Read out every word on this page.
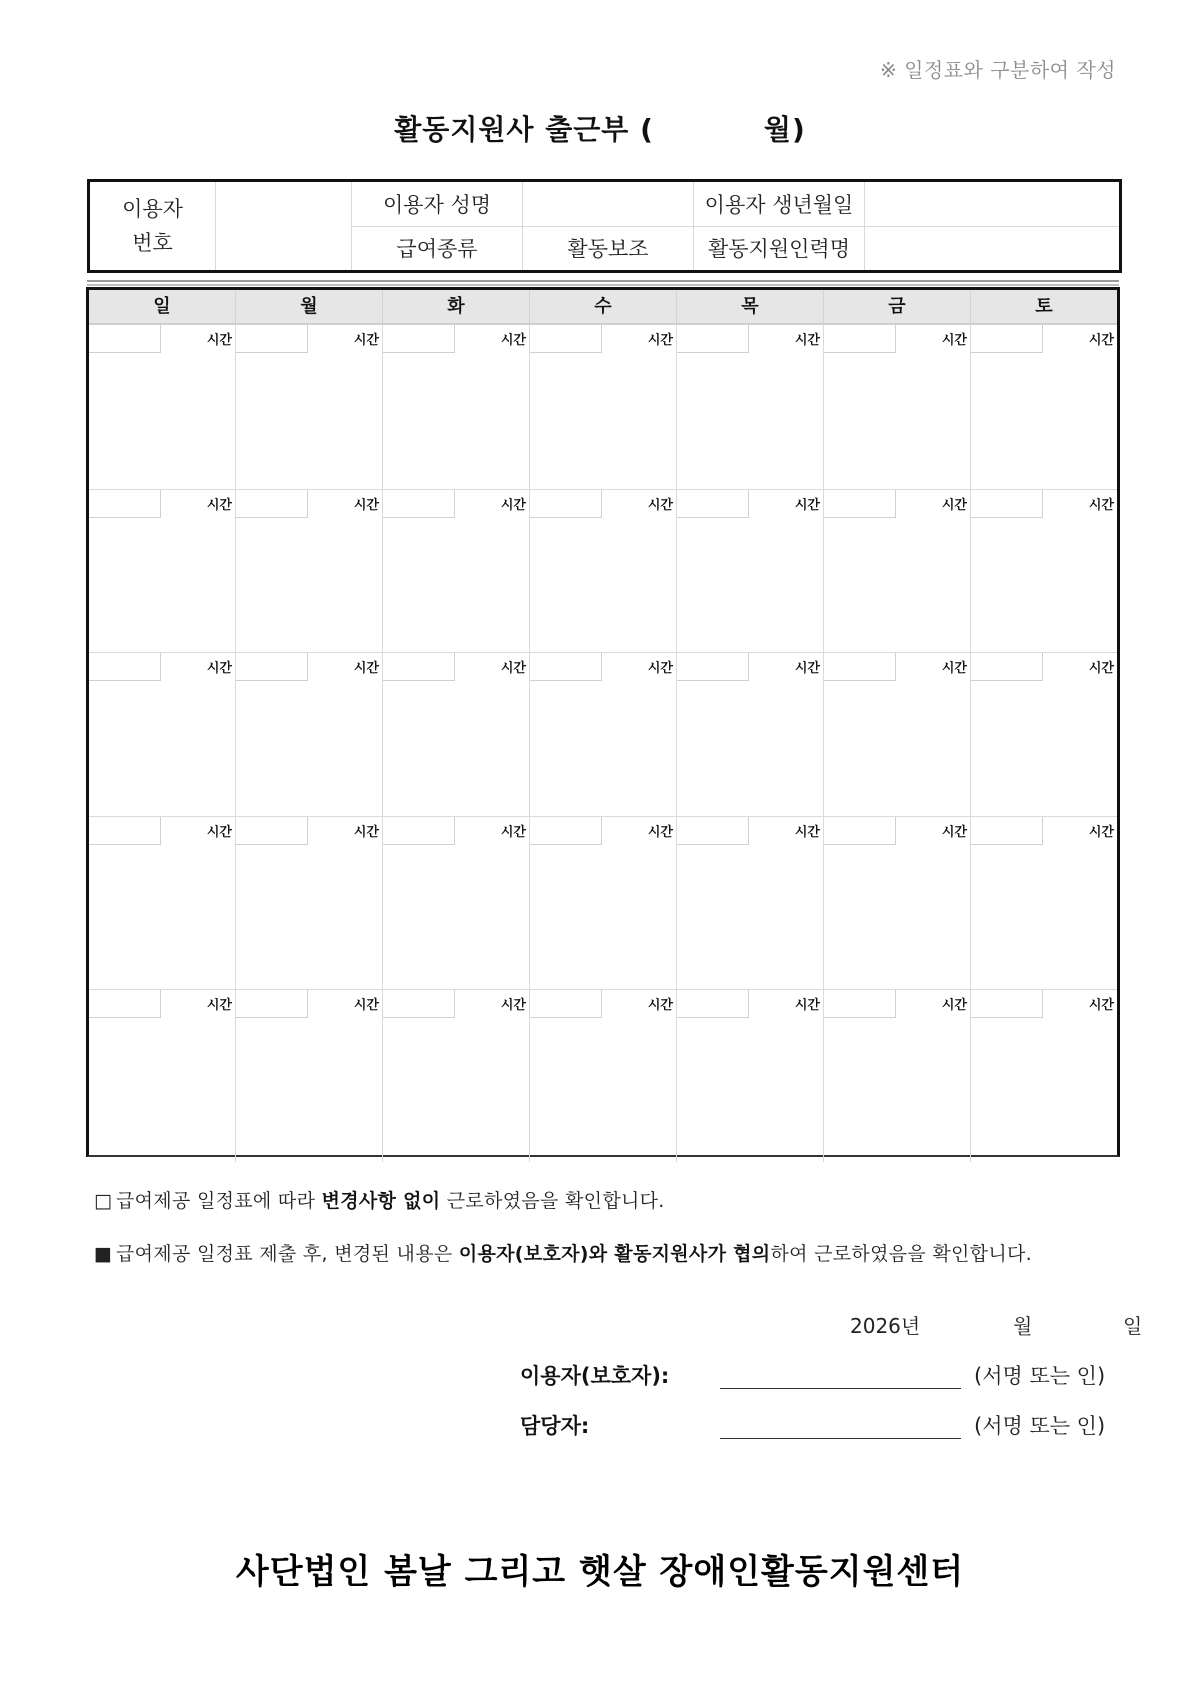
※ 일정표와 구분하여 작성
활동지원사 출근부 (	월)
이용자
번호		이용자 성명		이용자 생년월일	
		급여종류	활동보조	활동지원인력명	
일	월	화	수	목	금	토
시간	시간	시간	시간	시간	시간	시간
시간	시간	시간	시간	시간	시간	시간
시간	시간	시간	시간	시간	시간	시간
시간	시간	시간	시간	시간	시간	시간
시간	시간	시간	시간	시간	시간	시간
□ 급여제공 일정표에 따라 변경사항 없이 근로하였음을 확인합니다.
■ 급여제공 일정표 제출 후, 변경된 내용은 이용자(보호자)와 활동지원사가 협의하여 근로하였음을 확인합니다.
2026년	월	일
이용자(보호자):	(서명 또는 인)
담당자:	(서명 또는 인)
사단법인 봄날 그리고 햇살 장애인활동지원센터
